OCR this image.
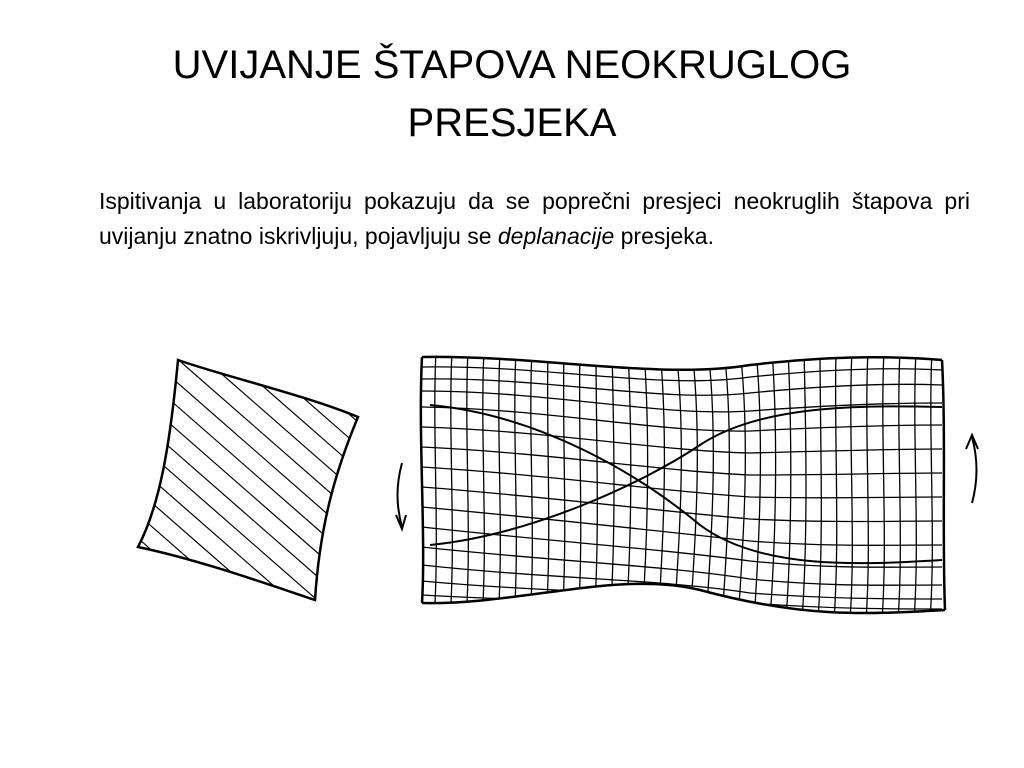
UVIJANJE ŠTAPOVA NEOKRUGLOG
PRESJEKA

Ispitivanja u laboratoriju pokazuju da se poprečni presjeci neokruglih štapova pri uvijanju znatno iskrivljuju, pojavljuju se deplanacije presjeka.
